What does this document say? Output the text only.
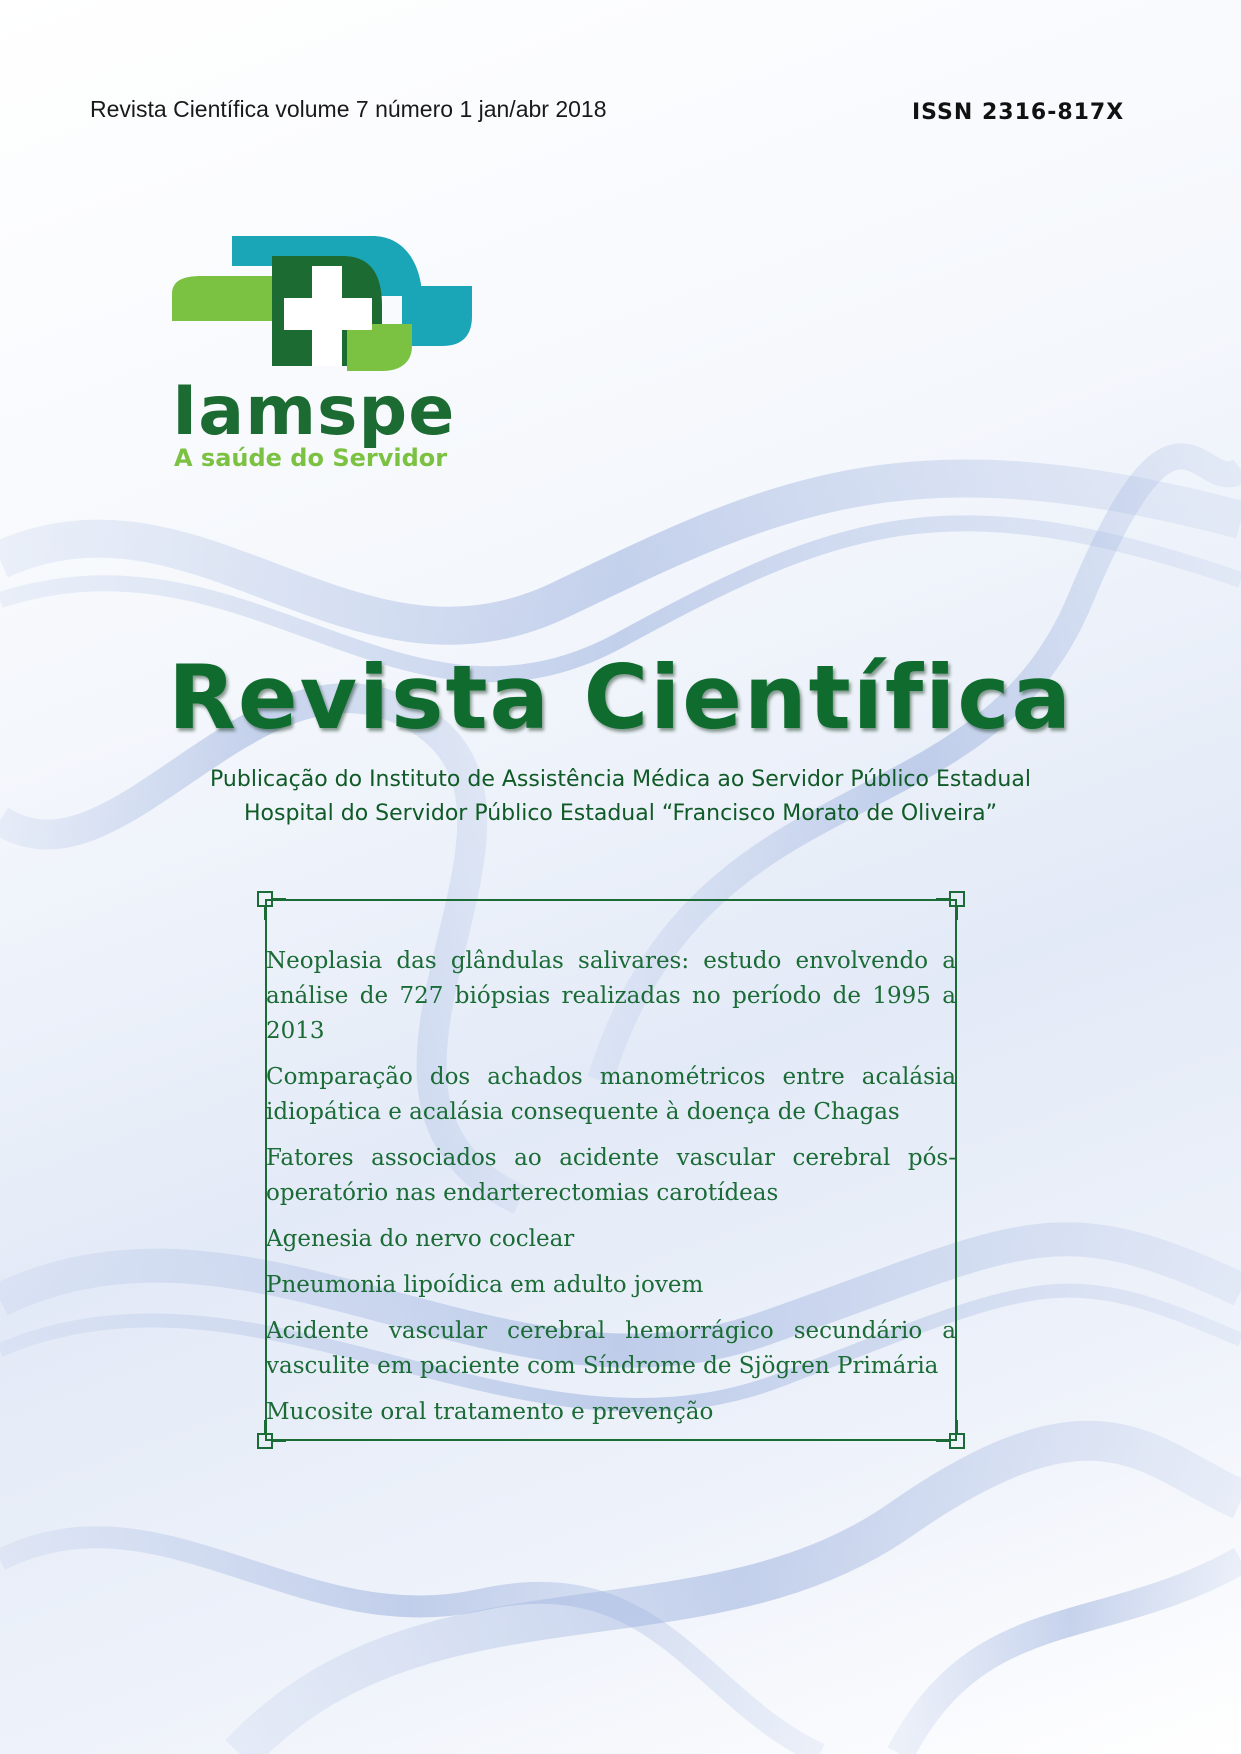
Revista Científica volume 7 número 1 jan/abr 2018	ISSN 2316-817X
Iamspe
A saúde do Servidor
Revista Científica
Publicação do Instituto de Assistência Médica ao Servidor Público Estadual
Hospital do Servidor Público Estadual “Francisco Morato de Oliveira”
Neoplasia das glândulas salivares: estudo envolvendo a análise de 727 biópsias realizadas no período de 1995 a 2013
Comparação dos achados manométricos entre acalásia idiopática e acalásia consequente à doença de Chagas
Fatores associados ao acidente vascular cerebral pós-operatório nas endarterectomias carotídeas
Agenesia do nervo coclear
Pneumonia lipoídica em adulto jovem
Acidente vascular cerebral hemorrágico secundário a vasculite em paciente com Síndrome de Sjögren Primária
Mucosite oral tratamento e prevenção
